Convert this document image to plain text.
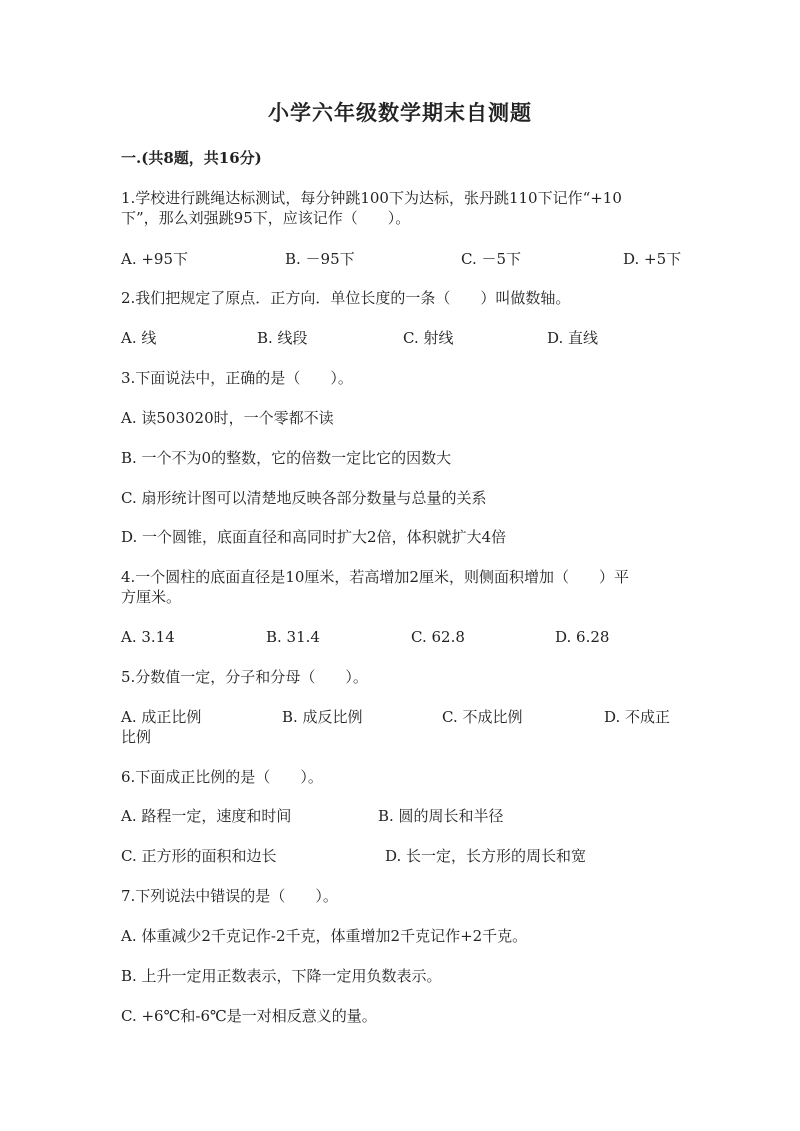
小学六年级数学期末自测题
一.(共8题，共16分)
1.学校进行跳绳达标测试，每分钟跳100下为达标，张丹跳110下记作“+10
下”，那么刘强跳95下，应该记作（　　）。
A. +95下	B. －95下	C. －5下	D. +5下
2.我们把规定了原点．正方向．单位长度的一条（　　）叫做数轴。
A. 线	B. 线段	C. 射线	D. 直线
3.下面说法中，正确的是（　　）。
A. 读503020时，一个零都不读
B. 一个不为0的整数，它的倍数一定比它的因数大
C. 扇形统计图可以清楚地反映各部分数量与总量的关系
D. 一个圆锥，底面直径和高同时扩大2倍，体积就扩大4倍
4.一个圆柱的底面直径是10厘米，若高增加2厘米，则侧面积增加（　　）平
方厘米。
A. 3.14	B. 31.4	C. 62.8	D. 6.28
5.分数值一定，分子和分母（　　）。
A. 成正比例	B. 成反比例	C. 不成比例	D. 不成正
比例
6.下面成正比例的是（　　）。
A. 路程一定，速度和时间	B. 圆的周长和半径
C. 正方形的面积和边长	D. 长一定，长方形的周长和宽
7.下列说法中错误的是（　　）。
A. 体重减少2千克记作-2千克，体重增加2千克记作+2千克。
B. 上升一定用正数表示，下降一定用负数表示。
C. +6℃和-6℃是一对相反意义的量。
